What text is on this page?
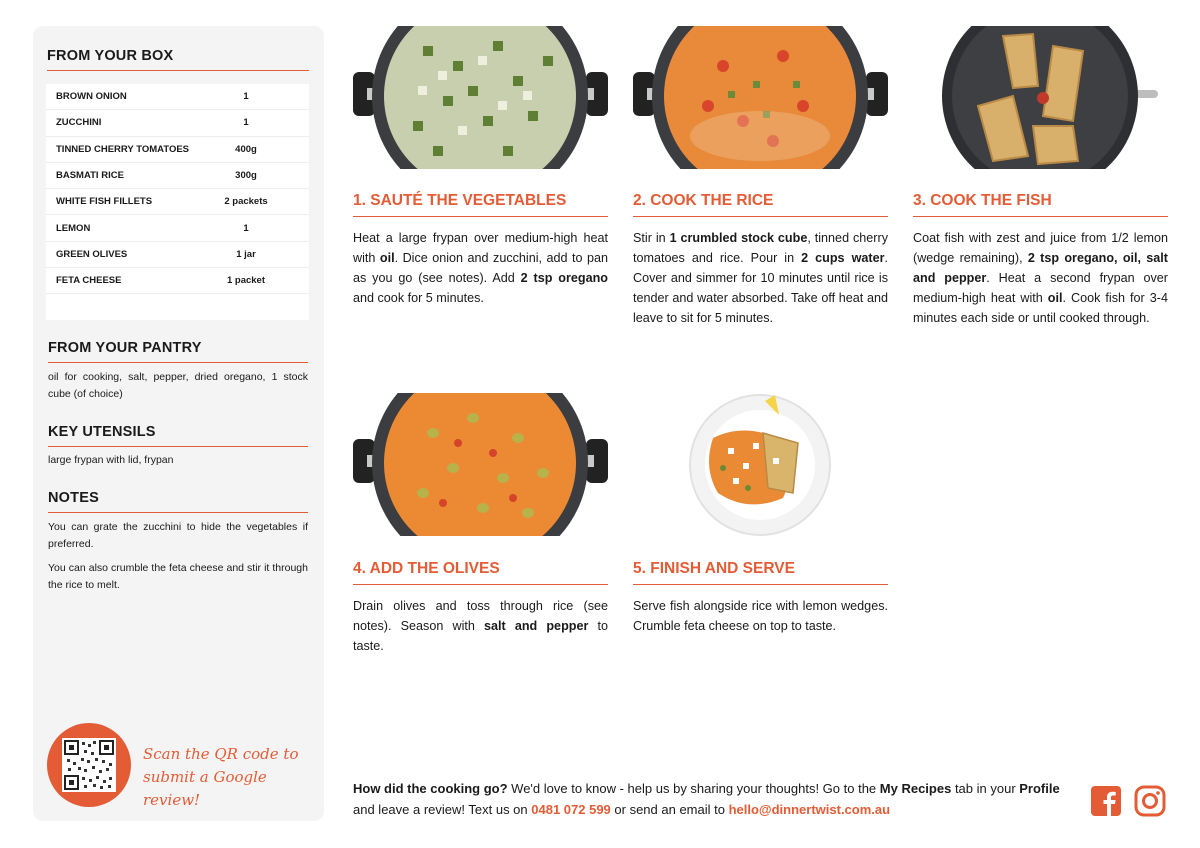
FROM YOUR BOX
BROWN ONION	1
ZUCCHINI	1
TINNED CHERRY TOMATOES	400g
BASMATI RICE	300g
WHITE FISH FILLETS	2 packets
LEMON	1
GREEN OLIVES	1 jar
FETA CHEESE	1 packet
FROM YOUR PANTRY
oil for cooking, salt, pepper, dried oregano, 1 stock cube (of choice)
KEY UTENSILS
large frypan with lid, frypan
NOTES
You can grate the zucchini to hide the vegetables if preferred.
You can also crumble the feta cheese and stir it through the rice to melt.
Scan the QR code to
submit a Google review!
1. SAUTÉ THE VEGETABLES
Heat a large frypan over medium-high heat with oil. Dice onion and zucchini, add to pan as you go (see notes). Add 2 tsp oregano and cook for 5 minutes.
2. COOK THE RICE
Stir in 1 crumbled stock cube, tinned cherry tomatoes and rice. Pour in 2 cups water. Cover and simmer for 10 minutes until rice is tender and water absorbed. Take off heat and leave to sit for 5 minutes.
3. COOK THE FISH
Coat fish with zest and juice from 1/2 lemon (wedge remaining), 2 tsp oregano, oil, salt and pepper. Heat a second frypan over medium-high heat with oil. Cook fish for 3-4 minutes each side or until cooked through.
4. ADD THE OLIVES
Drain olives and toss through rice (see notes). Season with salt and pepper to taste.
5. FINISH AND SERVE
Serve fish alongside rice with lemon wedges. Crumble feta cheese on top to taste.
How did the cooking go? We'd love to know - help us by sharing your thoughts! Go to the My Recipes tab in your Profile and leave a review! Text us on 0481 072 599 or send an email to hello@dinnertwist.com.au
